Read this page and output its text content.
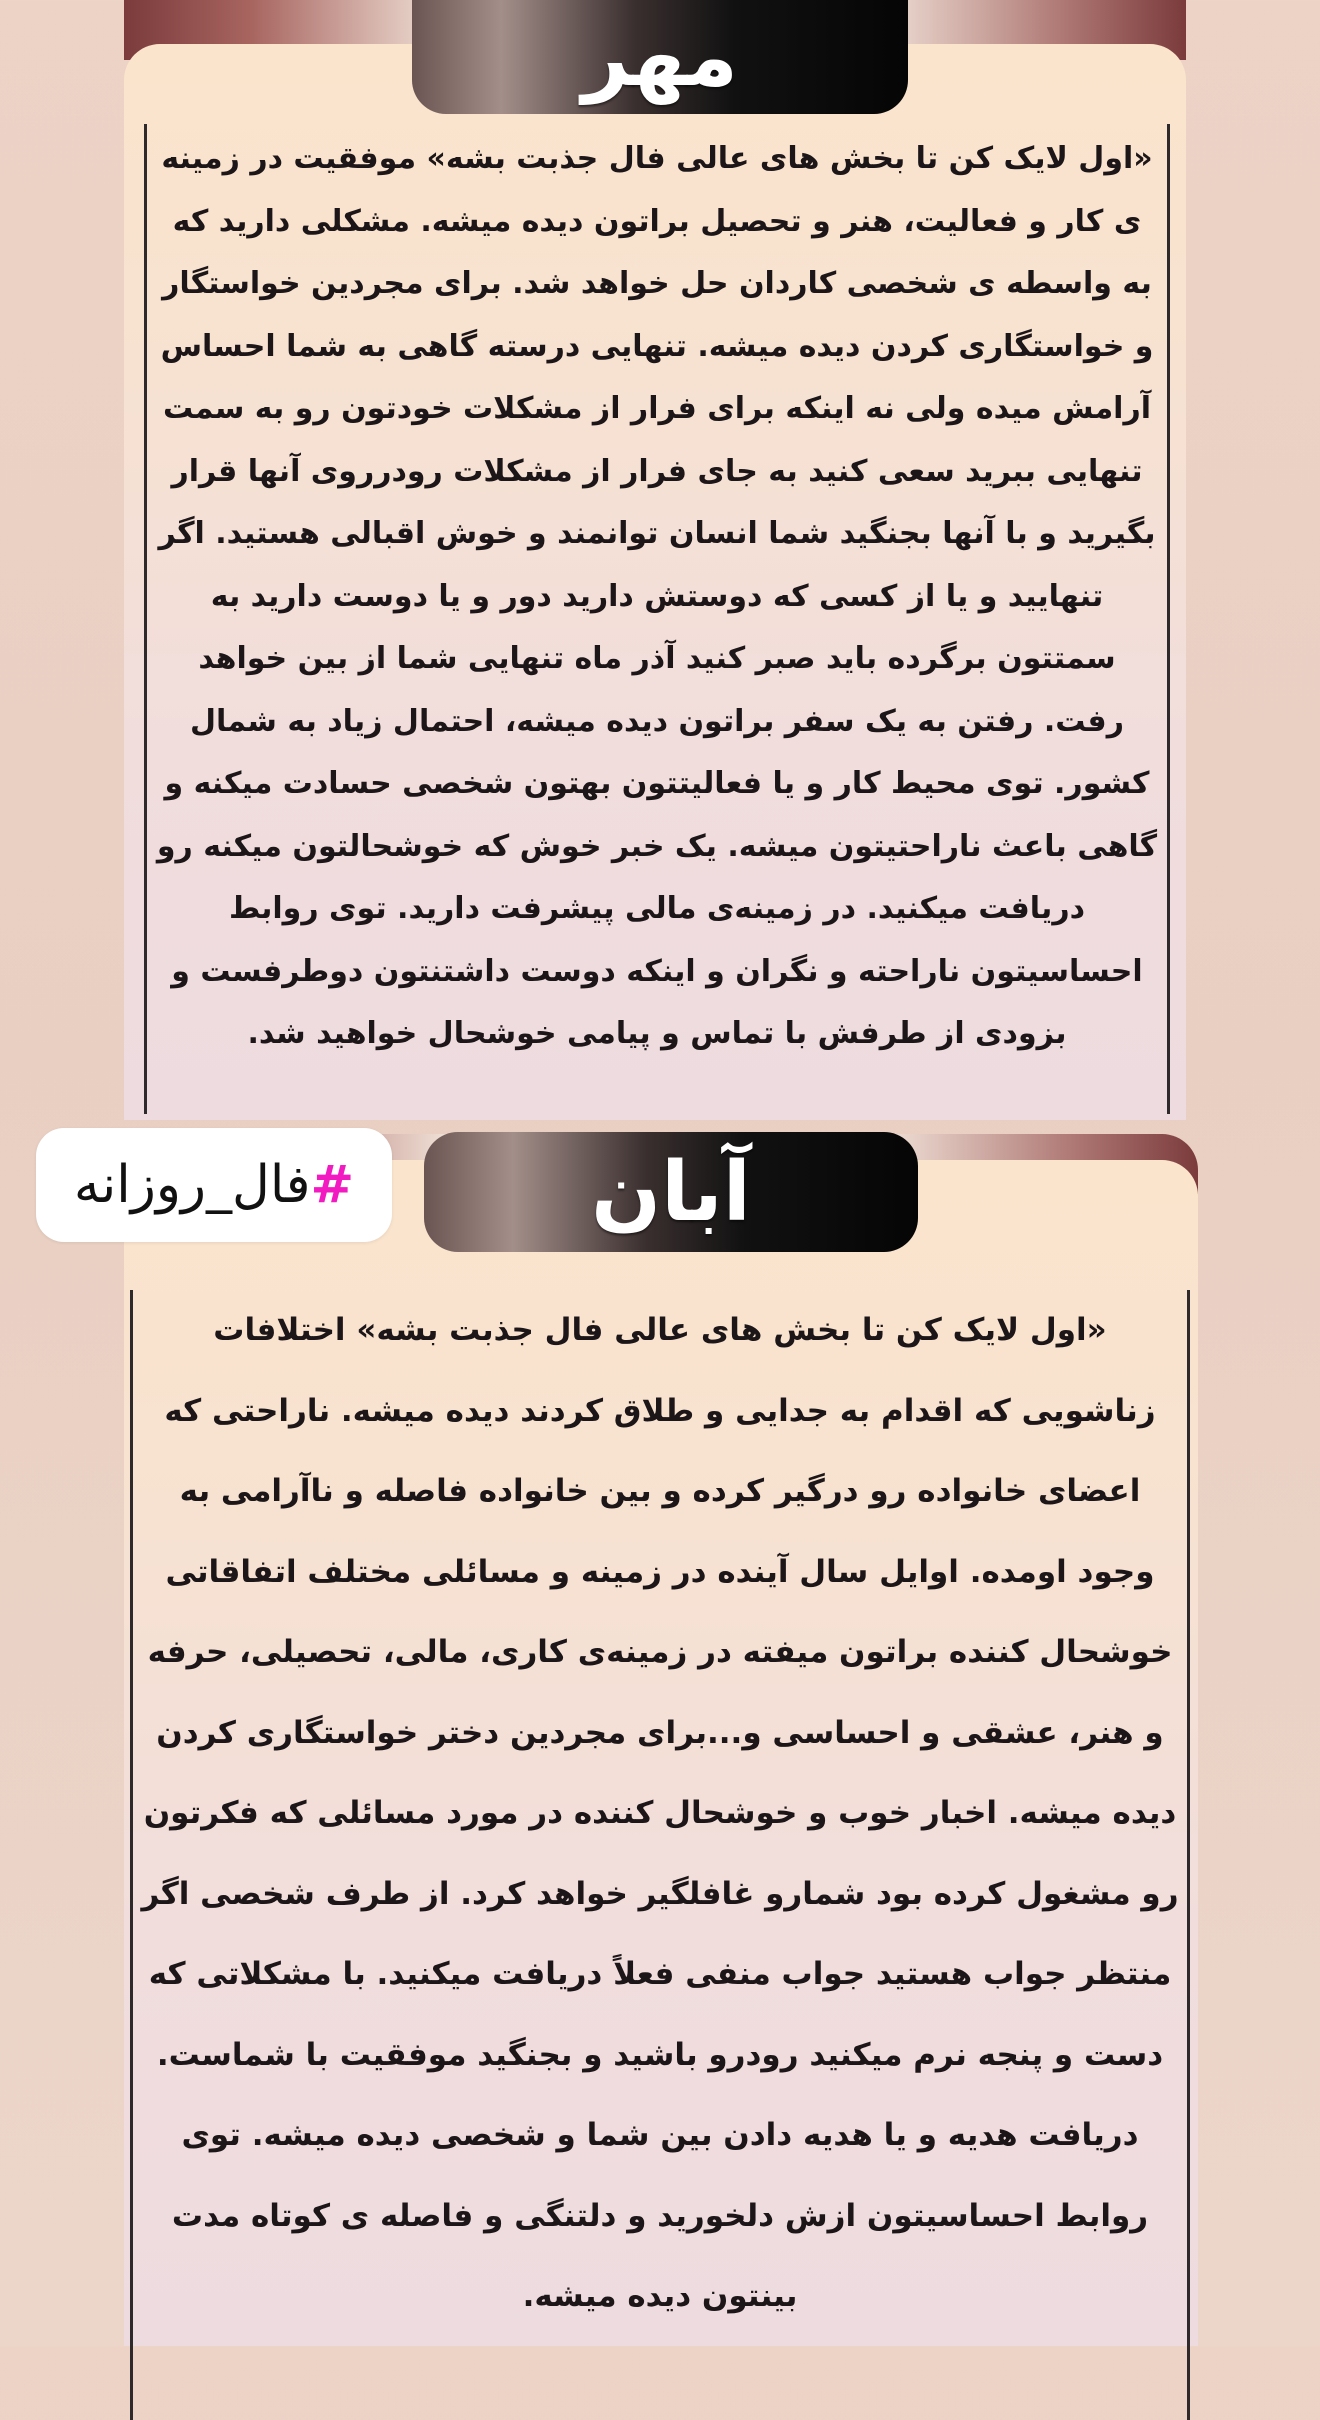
مهر

«اول لایک کن تا بخش های عالی فال جذبت بشه» موفقیت در زمینه ی کار و فعالیت، هنر و تحصیل براتون دیده میشه. مشکلی دارید که به واسطه ی شخصی کاردان حل خواهد شد. برای مجردین خواستگار و خواستگاری کردن دیده میشه. تنهایی درسته گاهی به شما احساس آرامش میده ولی نه اینکه برای فرار از مشکلات خودتون رو به سمت تنهایی ببرید سعی کنید به جای فرار از مشکلات رودرروی آنها قرار بگیرید و با آنها بجنگید شما انسان توانمند و خوش اقبالی هستید. اگر تنهایید و یا از کسی که دوستش دارید دور و یا دوست دارید به سمتتون برگرده باید صبر کنید آذر ماه تنهایی شما از بین خواهد رفت. رفتن به یک سفر براتون دیده میشه، احتمال زیاد به شمال کشور. توی محیط کار و یا فعالیتتون بهتون شخصی حسادت میکنه و گاهی باعث ناراحتیتون میشه. یک خبر خوش که خوشحالتون میکنه رو دریافت میکنید. در زمینه‌ی مالی پیشرفت دارید. توی روابط احساسیتون ناراحته و نگران و اینکه دوست داشتنتون دوطرفست و بزودی از طرفش با تماس و پیامی خوشحال خواهید شد.

آبان

«اول لایک کن تا بخش های عالی فال جذبت بشه» اختلافات زناشویی که اقدام به جدایی و طلاق کردند دیده میشه. ناراحتی که اعضای خانواده رو درگیر کرده و بین خانواده فاصله و ناآرامی به وجود اومده. اوایل سال آینده در زمینه و مسائلی مختلف اتفاقاتی خوشحال کننده براتون میفته در زمینه‌ی کاری، مالی، تحصیلی، حرفه و هنر، عشقی و احساسی و...برای مجردین دختر خواستگاری کردن دیده میشه. اخبار خوب و خوشحال کننده در مورد مسائلی که فکرتون رو مشغول کرده بود شمارو غافلگیر خواهد کرد. از طرف شخصی اگر منتظر جواب هستید جواب منفی فعلاً دریافت میکنید. با مشکلاتی که دست و پنجه نرم میکنید رودرو باشید و بجنگید موفقیت با شماست. دریافت هدیه و یا هدیه دادن بین شما و شخصی دیده میشه. توی روابط احساسیتون ازش دلخورید و دلتنگی و فاصله ی کوتاه مدت بینتون دیده میشه.

#
فال_روزانه
